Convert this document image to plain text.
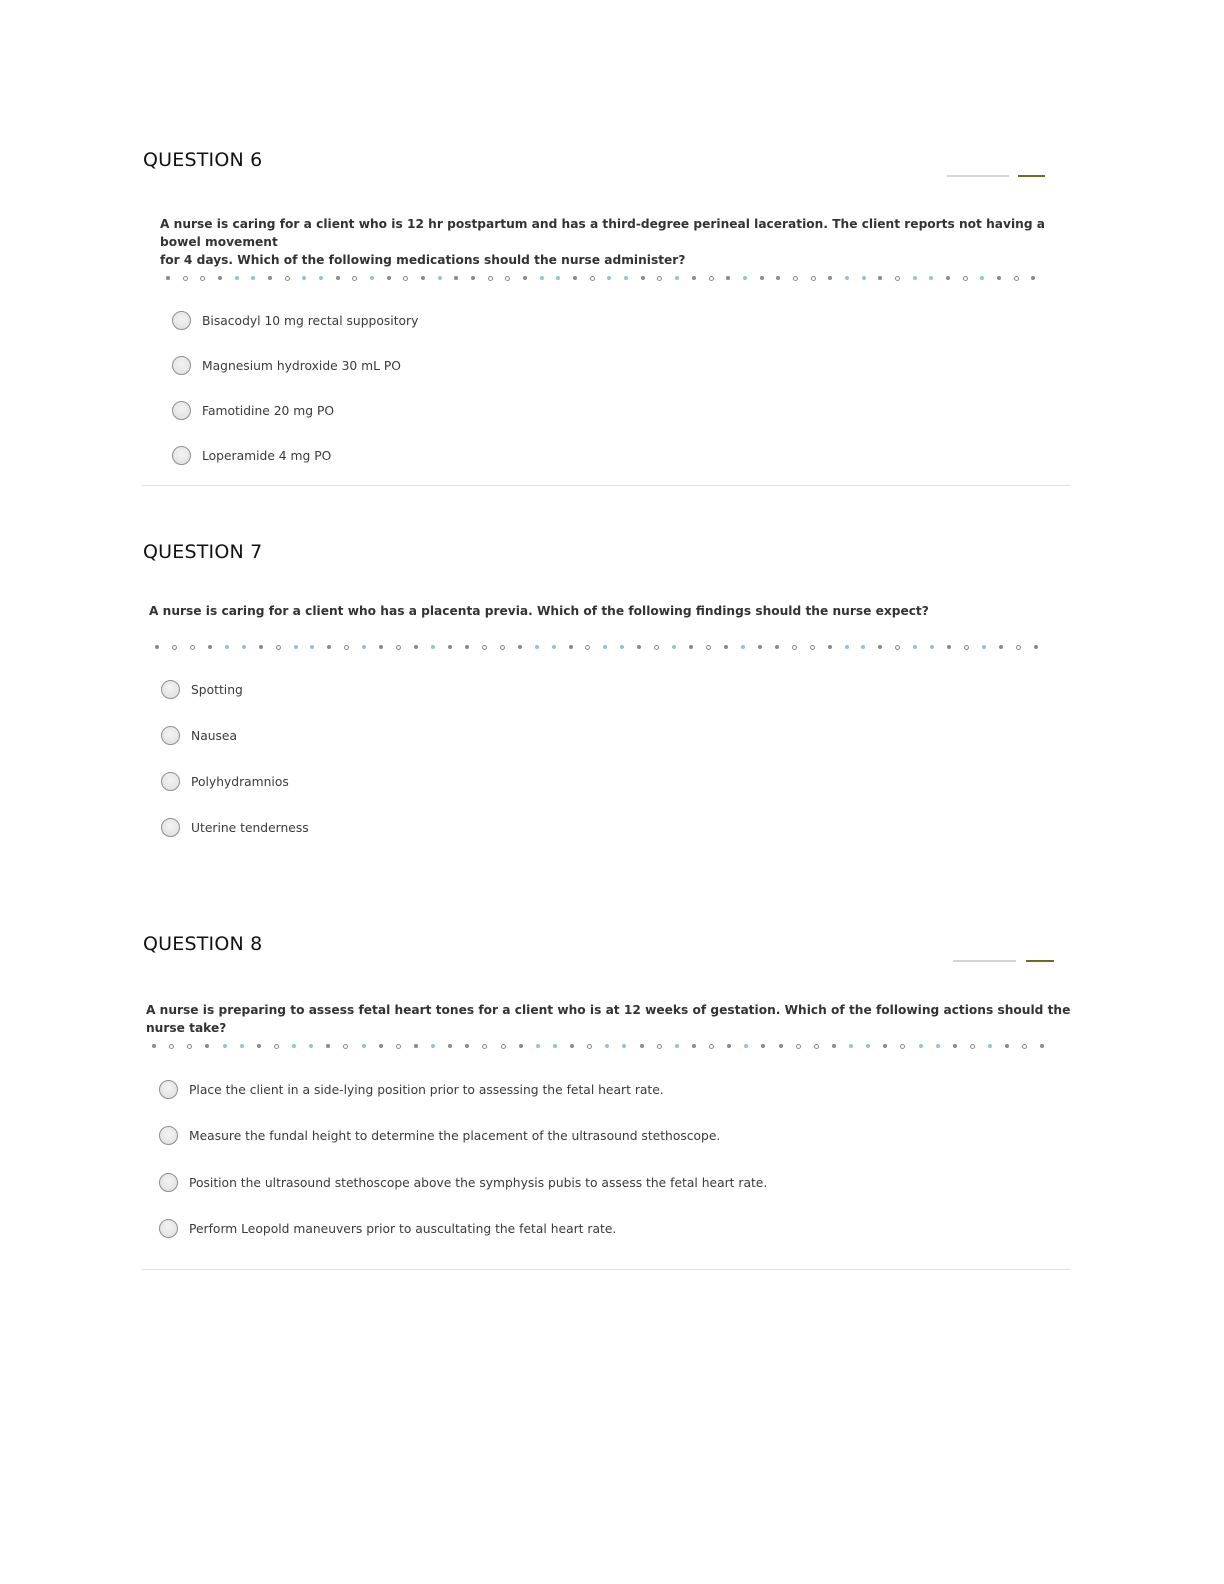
QUESTION 6
A nurse is caring for a client who is 12 hr postpartum and has a third-degree perineal laceration. The client reports not having a bowel movement
for 4 days. Which of the following medications should the nurse administer?
Bisacodyl 10 mg rectal suppository
Magnesium hydroxide 30 mL PO
Famotidine 20 mg PO
Loperamide 4 mg PO
QUESTION 7
A nurse is caring for a client who has a placenta previa. Which of the following findings should the nurse expect?
Spotting
Nausea
Polyhydramnios
Uterine tenderness
QUESTION 8
A nurse is preparing to assess fetal heart tones for a client who is at 12 weeks of gestation. Which of the following actions should the nurse take?
Place the client in a side-lying position prior to assessing the fetal heart rate.
Measure the fundal height to determine the placement of the ultrasound stethoscope.
Position the ultrasound stethoscope above the symphysis pubis to assess the fetal heart rate.
Perform Leopold maneuvers prior to auscultating the fetal heart rate.
